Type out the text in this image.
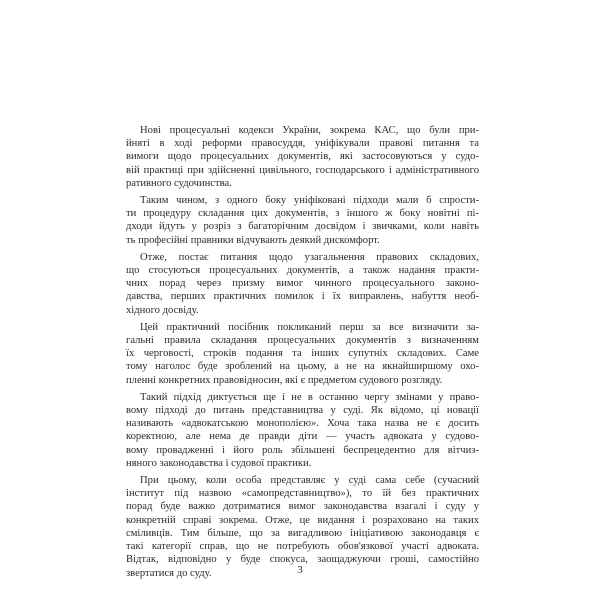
Нові процесуальні кодекси України, зокрема КАС, що були при-
йняті в ході реформи правосуддя, уніфікували правові питання та
вимоги щодо процесуальних документів, які застосовуються у судо-
вій практиці при здійсненні цивільного, господарського і адміністративного
ративного судочинства.
Таким чином, з одного боку уніфіковані підходи мали б спрости-
ти процедуру складання цих документів, з іншого ж боку новітні пі-
дходи йдуть у розріз з багаторічним досвідом і звичками, коли навіть
ть професійні правники відчувають деякий дискомфорт.
Отже, постає питання щодо узагальнення правових складових,
що стосуються процесуальних документів, а також надання практи-
чних порад через призму вимог чинного процесуального законо-
давства, перших практичних помилок і їх виправлень, набуття необ-
хідного досвіду.
Цей практичний посібник покликаний перш за все визначити за-
гальні правила складання процесуальних документів з визначенням
їх черговості, строків подання та інших супутніх складових. Саме
тому наголос буде зроблений на цьому, а не на якнайширшому охо-
пленні конкретних правовідносин, які є предметом судового розгляду.
Такий підхід диктується ще і не в останню чергу змінами у право-
вому підході до питань представництва у суді. Як відомо, ці новації
називають «адвокатською монополією». Хоча така назва не є досить
коректною, але нема де правди діти — участь адвоката у судово-
вому провадженні і його роль збільшені беспрецедентно для вітчиз-
няного законодавства і судової практики.
При цьому, коли особа представляє у суді сама себе (сучасний
інститут під назвою «самопредставництво»), то їй без практичних
порад буде важко дотриматися вимог законодавства взагалі і суду у
конкретній справі зокрема. Отже, це видання і розраховано на таких
сміливців. Тим більше, що за вигадливою ініціативою законодавця є
такі категорії справ, що не потребують обов'язкової участі адвоката.
Відтак, відповідно у буде спокуса, заощаджуючи гроші, самостійно
звертатися до суду.	3
